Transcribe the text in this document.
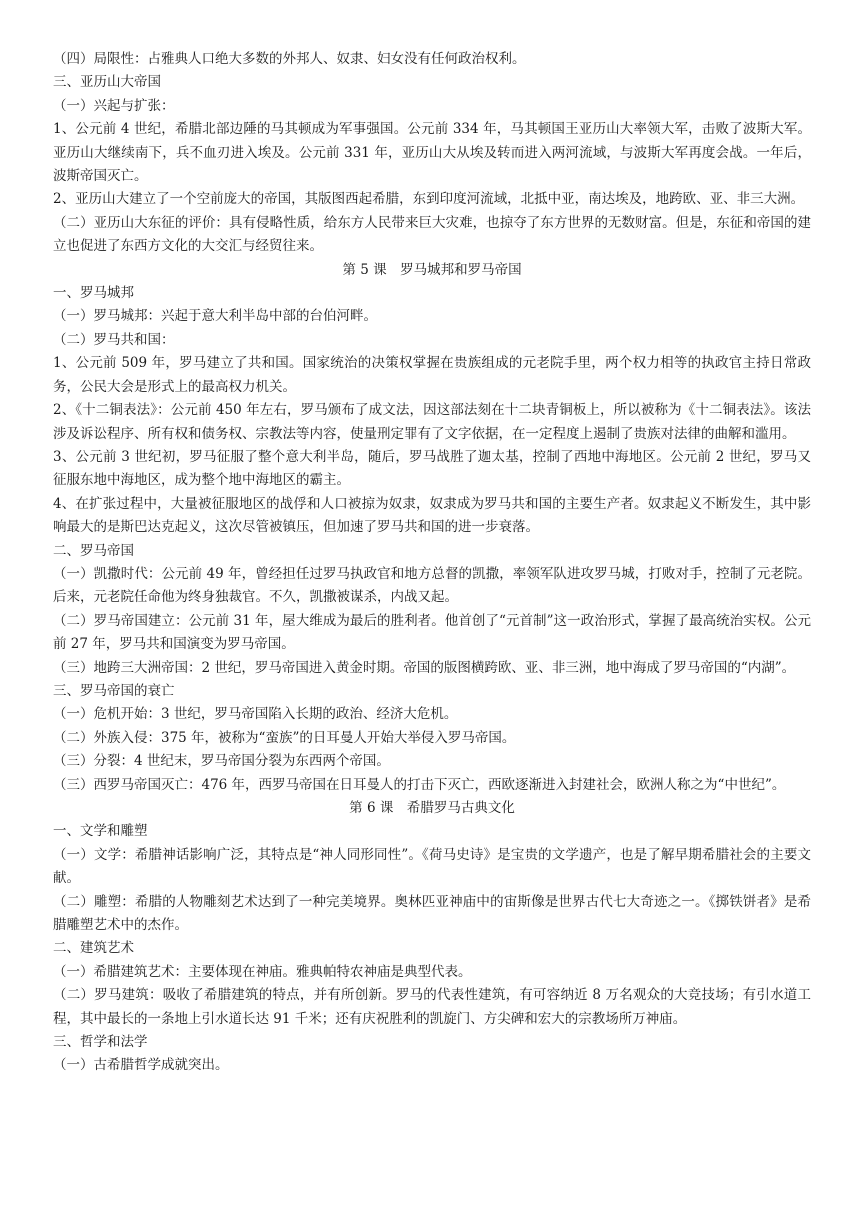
（四）局限性：占雅典人口绝大多数的外邦人、奴隶、妇女没有任何政治权利。

三、亚历山大帝国

（一）兴起与扩张：

1、公元前 4 世纪，希腊北部边陲的马其顿成为军事强国。公元前 334 年，马其顿国王亚历山大率领大军，击败了波斯大军。亚历山大继续南下，兵不血刃进入埃及。公元前 331 年，亚历山大从埃及转而进入两河流域，与波斯大军再度会战。一年后，波斯帝国灭亡。

2、亚历山大建立了一个空前庞大的帝国，其版图西起希腊，东到印度河流域，北抵中亚，南达埃及，地跨欧、亚、非三大洲。

（二）亚历山大东征的评价：具有侵略性质，给东方人民带来巨大灾难，也掠夺了东方世界的无数财富。但是，东征和帝国的建立也促进了东西方文化的大交汇与经贸往来。

第 5 课　罗马城邦和罗马帝国

一、罗马城邦

（一）罗马城邦：兴起于意大利半岛中部的台伯河畔。

（二）罗马共和国：

1、公元前 509 年，罗马建立了共和国。国家统治的决策权掌握在贵族组成的元老院手里，两个权力相等的执政官主持日常政务，公民大会是形式上的最高权力机关。

2、《十二铜表法》：公元前 450 年左右，罗马颁布了成文法，因这部法刻在十二块青铜板上，所以被称为《十二铜表法》。该法涉及诉讼程序、所有权和债务权、宗教法等内容，使量刑定罪有了文字依据，在一定程度上遏制了贵族对法律的曲解和滥用。

3、公元前 3 世纪初，罗马征服了整个意大利半岛，随后，罗马战胜了迦太基，控制了西地中海地区。公元前 2 世纪，罗马又征服东地中海地区，成为整个地中海地区的霸主。

4、在扩张过程中，大量被征服地区的战俘和人口被掠为奴隶，奴隶成为罗马共和国的主要生产者。奴隶起义不断发生，其中影响最大的是斯巴达克起义，这次尽管被镇压，但加速了罗马共和国的进一步衰落。

二、罗马帝国

（一）凯撒时代：公元前 49 年，曾经担任过罗马执政官和地方总督的凯撒，率领军队进攻罗马城，打败对手，控制了元老院。后来，元老院任命他为终身独裁官。不久，凯撒被谋杀，内战又起。

（二）罗马帝国建立：公元前 31 年，屋大维成为最后的胜利者。他首创了“元首制”这一政治形式，掌握了最高统治实权。公元前 27 年，罗马共和国演变为罗马帝国。

（三）地跨三大洲帝国：2 世纪，罗马帝国进入黄金时期。帝国的版图横跨欧、亚、非三洲，地中海成了罗马帝国的“内湖”。

三、罗马帝国的衰亡

（一）危机开始：3 世纪，罗马帝国陷入长期的政治、经济大危机。

（二）外族入侵：375 年，被称为“蛮族”的日耳曼人开始大举侵入罗马帝国。

（三）分裂：4 世纪末，罗马帝国分裂为东西两个帝国。

（三）西罗马帝国灭亡：476 年，西罗马帝国在日耳曼人的打击下灭亡，西欧逐渐进入封建社会，欧洲人称之为“中世纪”。

第 6 课　希腊罗马古典文化

一、文学和雕塑

（一）文学：希腊神话影响广泛，其特点是“神人同形同性”。《荷马史诗》是宝贵的文学遗产，也是了解早期希腊社会的主要文献。

（二）雕塑：希腊的人物雕刻艺术达到了一种完美境界。奥林匹亚神庙中的宙斯像是世界古代七大奇迹之一。《掷铁饼者》是希腊雕塑艺术中的杰作。

二、建筑艺术

（一）希腊建筑艺术：主要体现在神庙。雅典帕特农神庙是典型代表。

（二）罗马建筑：吸收了希腊建筑的特点，并有所创新。罗马的代表性建筑，有可容纳近 8 万名观众的大竞技场；有引水道工程，其中最长的一条地上引水道长达 91 千米；还有庆祝胜利的凯旋门、方尖碑和宏大的宗教场所万神庙。

三、哲学和法学

（一）古希腊哲学成就突出。
